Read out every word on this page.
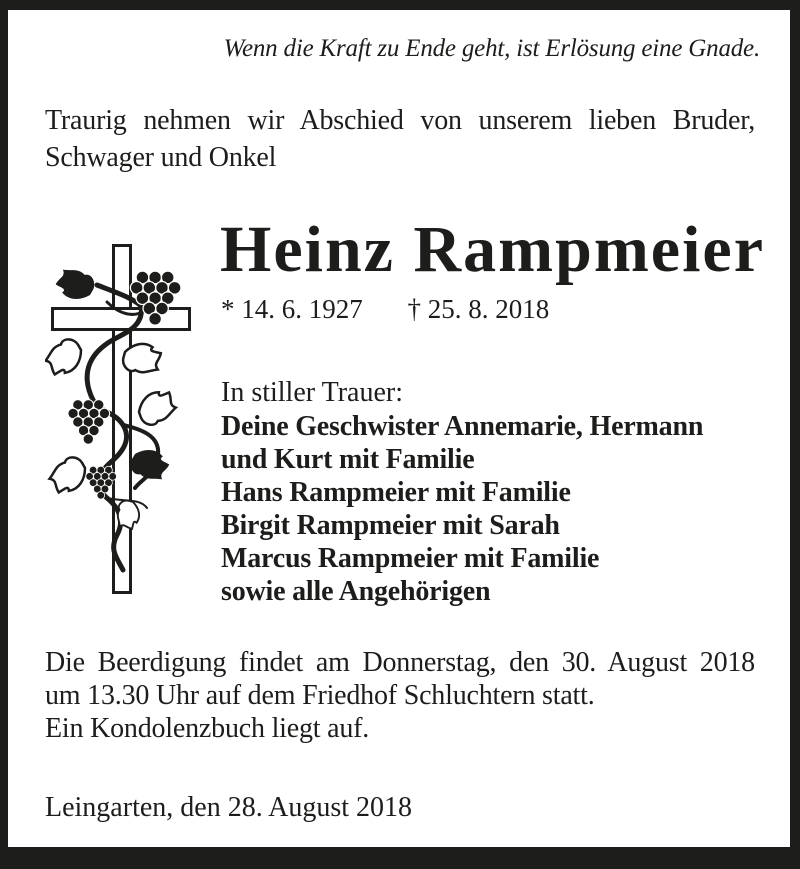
Wenn die Kraft zu Ende geht, ist Erlösung eine Gnade.
Traurig nehmen wir Abschied von unserem lieben Bruder,
Schwager und Onkel
Heinz Rampmeier
* 14. 6. 1927 † 25. 8. 2018
In stiller Trauer:
Deine Geschwister Annemarie, Hermann
und Kurt mit Familie
Hans Rampmeier mit Familie
Birgit Rampmeier mit Sarah
Marcus Rampmeier mit Familie
sowie alle Angehörigen
Die Beerdigung findet am Donnerstag, den 30. August 2018
um 13.30 Uhr auf dem Friedhof Schluchtern statt.
Ein Kondolenzbuch liegt auf.
Leingarten, den 28. August 2018
